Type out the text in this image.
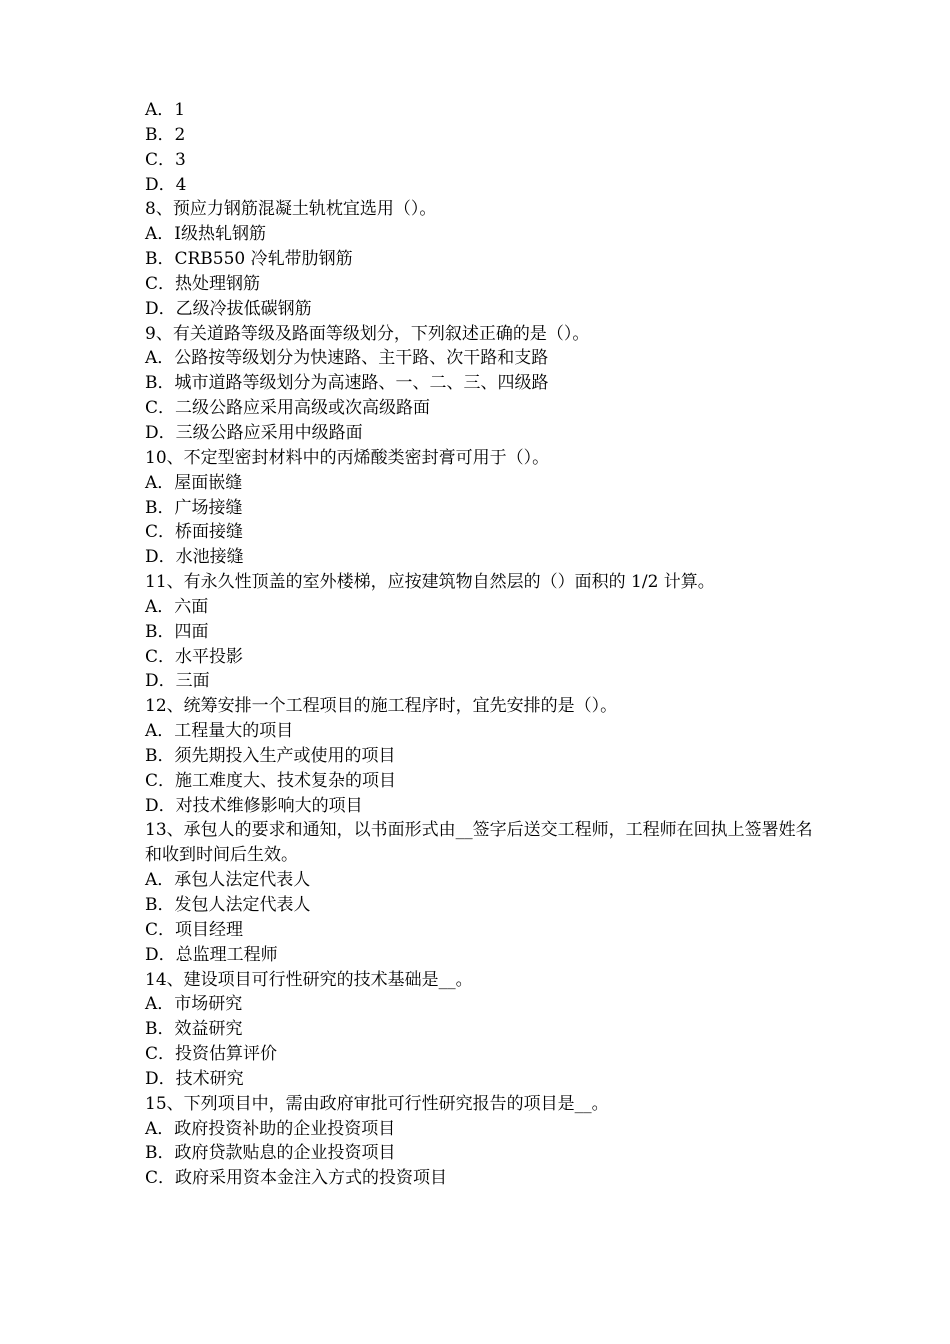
A．1
B．2
C．3
D．4
8、预应力钢筋混凝土轨枕宜选用（）。
A．Ⅰ级热轧钢筋
B．CRB550 冷轧带肋钢筋
C．热处理钢筋
D．乙级冷拔低碳钢筋
9、有关道路等级及路面等级划分，下列叙述正确的是（）。
A．公路按等级划分为快速路、主干路、次干路和支路
B．城市道路等级划分为高速路、一、二、三、四级路
C．二级公路应采用高级或次高级路面
D．三级公路应采用中级路面
10、不定型密封材料中的丙烯酸类密封膏可用于（）。
A．屋面嵌缝
B．广场接缝
C．桥面接缝
D．水池接缝
11、有永久性顶盖的室外楼梯，应按建筑物自然层的（）面积的 1/2 计算。
A．六面
B．四面
C．水平投影
D．三面
12、统筹安排一个工程项目的施工程序时，宜先安排的是（）。
A．工程量大的项目
B．须先期投入生产或使用的项目
C．施工难度大、技术复杂的项目
D．对技术维修影响大的项目
13、承包人的要求和通知，以书面形式由__签字后送交工程师，工程师在回执上签署姓名和收到时间后生效。
A．承包人法定代表人
B．发包人法定代表人
C．项目经理
D．总监理工程师
14、建设项目可行性研究的技术基础是__。
A．市场研究
B．效益研究
C．投资估算评价
D．技术研究
15、下列项目中，需由政府审批可行性研究报告的项目是__。
A．政府投资补助的企业投资项目
B．政府贷款贴息的企业投资项目
C．政府采用资本金注入方式的投资项目
